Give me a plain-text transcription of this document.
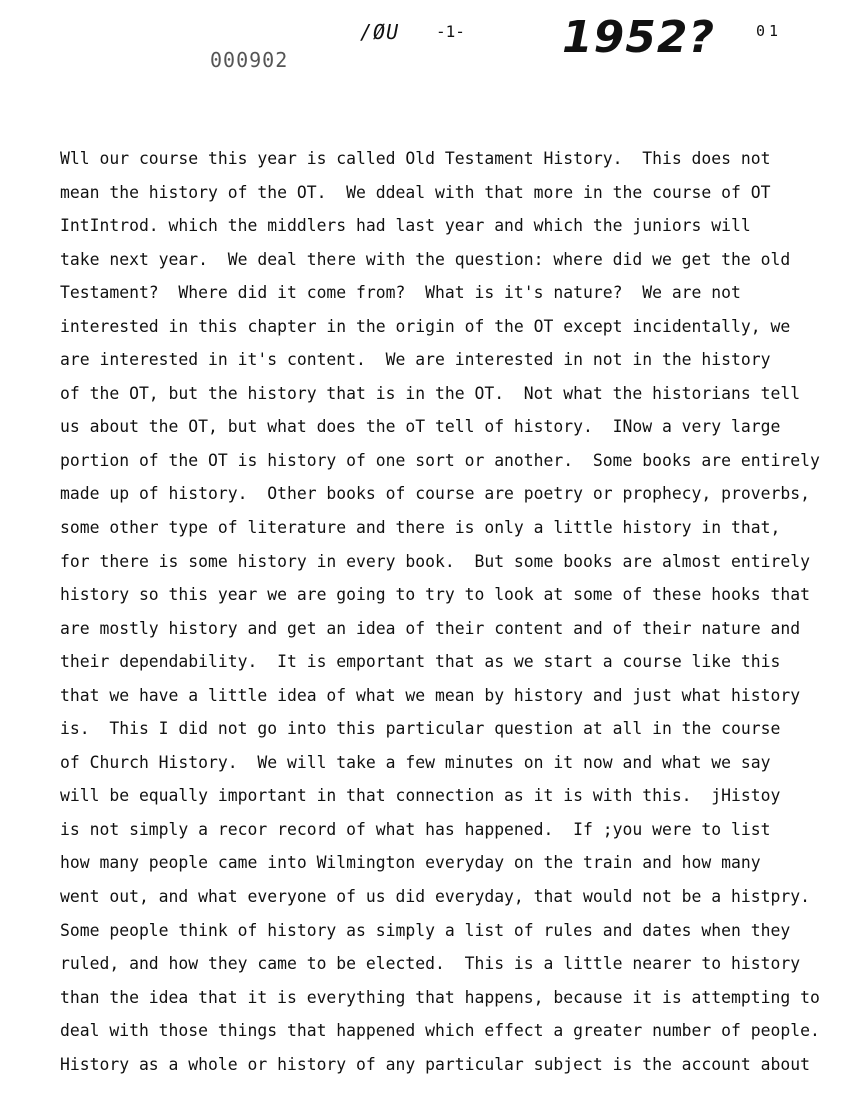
/ØU -1- 1952?	01
000902
Wll our course this year is called Old Testament History.  This does not
mean the history of the OT.  We ddeal with that more in the course of OT
IntIntrod. which the middlers had last year and which the juniors will
take next year.  We deal there with the question: where did we get the old
Testament?  Where did it come from?  What is it's nature?  We are not
interested in this chapter in the origin of the OT except incidentally, we
are interested in it's content.  We are interested in not in the history
of the OT, but the history that is in the OT.  Not what the historians tell
us about the OT, but what does the oT tell of history.  INow a very large
portion of the OT is history of one sort or another.  Some books are entirely
made up of history.  Other books of course are poetry or prophecy, proverbs,
some other type of literature and there is only a little history in that,
for there is some history in every book.  But some books are almost entirely
history so this year we are going to try to look at some of these hooks that
are mostly history and get an idea of their content and of their nature and
their dependability.  It is emportant that as we start a course like this
that we have a little idea of what we mean by history and just what history
is.  This I did not go into this particular question at all in the course
of Church History.  We will take a few minutes on it now and what we say
will be equally important in that connection as it is with this.  jHistoy
is not simply a recor record of what has happened.  If ;you were to list
how many people came into Wilmington everyday on the train and how many
went out, and what everyone of us did everyday, that would not be a histpry.
Some people think of history as simply a list of rules and dates when they
ruled, and how they came to be elected.  This is a little nearer to history
than the idea that it is everything that happens, because it is attempting to
deal with those things that happened which effect a greater number of people.
History as a whole or history of any particular subject is the account about
